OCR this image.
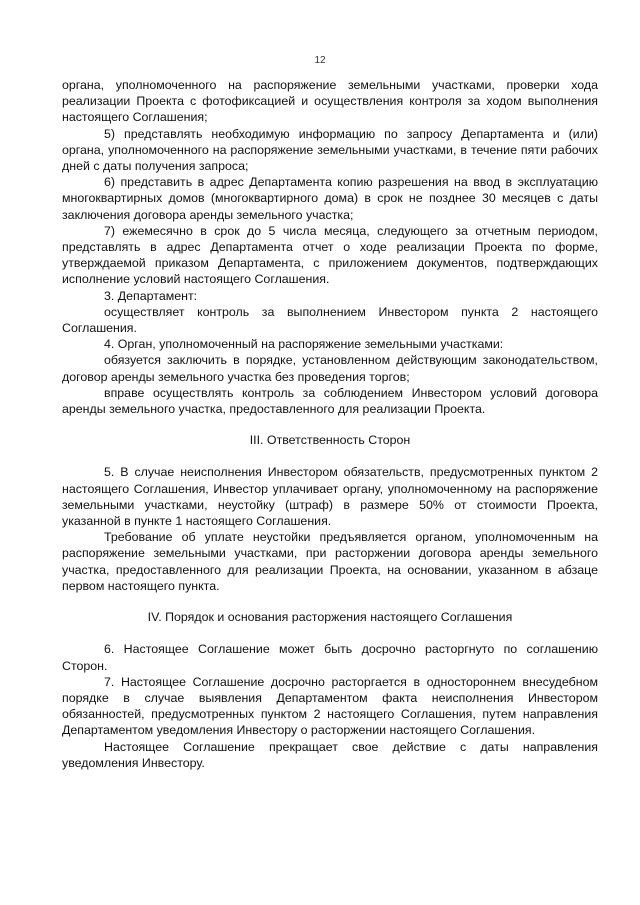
12

органа, уполномоченного на распоряжение земельными участками, проверки хода реализации Проекта с фотофиксацией и осуществления контроля за ходом выполнения настоящего Соглашения;

5) представлять необходимую информацию по запросу Департамента и (или) органа, уполномоченного на распоряжение земельными участками, в течение пяти рабочих дней с даты получения запроса;

6) представить в адрес Департамента копию разрешения на ввод в эксплуатацию многоквартирных домов (многоквартирного дома) в срок не позднее 30 месяцев с даты заключения договора аренды земельного участка;

7) ежемесячно в срок до 5 числа месяца, следующего за отчетным периодом, представлять в адрес Департамента отчет о ходе реализации Проекта по форме, утверждаемой приказом Департамента, с приложением документов, подтверждающих исполнение условий настоящего Соглашения.

3. Департамент:

осуществляет контроль за выполнением Инвестором пункта 2 настоящего Соглашения.

4. Орган, уполномоченный на распоряжение земельными участками:

обязуется заключить в порядке, установленном действующим законодательством, договор аренды земельного участка без проведения торгов;

вправе осуществлять контроль за соблюдением Инвестором условий договора аренды земельного участка, предоставленного для реализации Проекта.

III. Ответственность Сторон

5. В случае неисполнения Инвестором обязательств, предусмотренных пунктом 2 настоящего Соглашения, Инвестор уплачивает органу, уполномоченному на распоряжение земельными участками, неустойку (штраф) в размере 50% от стоимости Проекта, указанной в пункте 1 настоящего Соглашения.

Требование об уплате неустойки предъявляется органом, уполномоченным на распоряжение земельными участками, при расторжении договора аренды земельного участка, предоставленного для реализации Проекта, на основании, указанном в абзаце первом настоящего пункта.

IV. Порядок и основания расторжения настоящего Соглашения

6. Настоящее Соглашение может быть досрочно расторгнуто по соглашению Сторон.

7. Настоящее Соглашение досрочно расторгается в одностороннем внесудебном порядке в случае выявления Департаментом факта неисполнения Инвестором обязанностей, предусмотренных пунктом 2 настоящего Соглашения, путем направления Департаментом уведомления Инвестору о расторжении настоящего Соглашения.

Настоящее Соглашение прекращает свое действие с даты направления уведомления Инвестору.
